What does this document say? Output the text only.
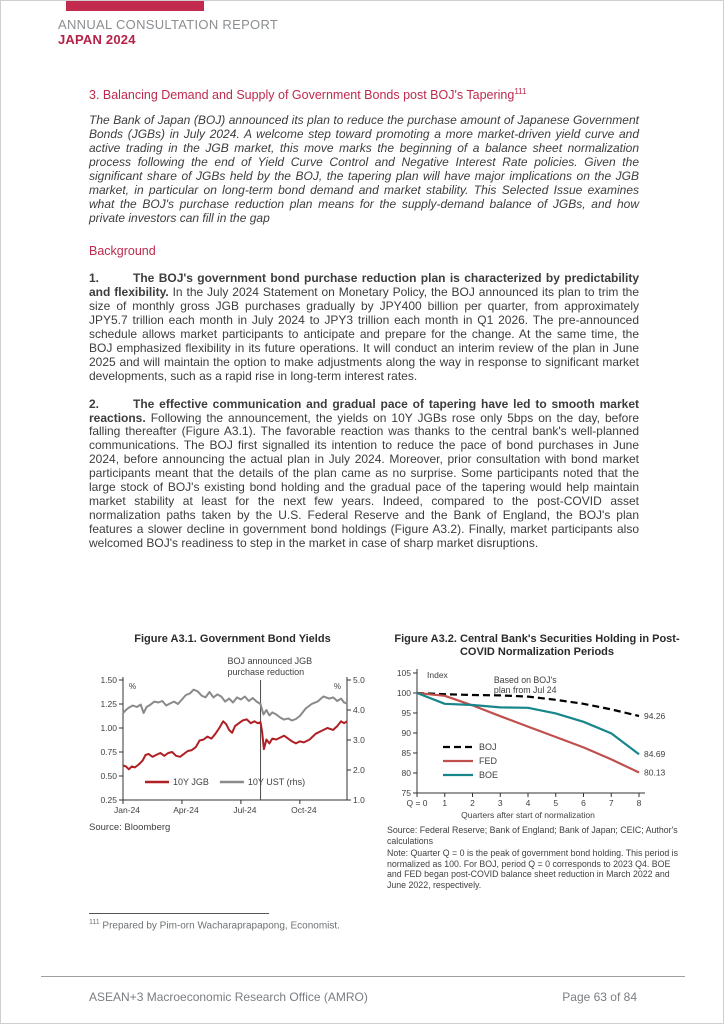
ANNUAL CONSULTATION REPORT
JAPAN 2024
3. Balancing Demand and Supply of Government Bonds post BOJ's Tapering$^{111}$

The Bank of Japan (BOJ) announced its plan to reduce the purchase amount of Japanese Government Bonds (JGBs) in July 2024. A welcome step toward promoting a more market-driven yield curve and active trading in the JGB market, this move marks the beginning of a balance sheet normalization process following the end of Yield Curve Control and Negative Interest Rate policies. Given the significant share of JGBs held by the BOJ, the tapering plan will have major implications on the JGB market, in particular on long-term bond demand and market stability. This Selected Issue examines what the BOJ's purchase reduction plan means for the supply-demand balance of JGBs, and how private investors can fill in the gap

Background

1.	The BOJ's government bond purchase reduction plan is characterized by predictability and flexibility. In the July 2024 Statement on Monetary Policy, the BOJ announced its plan to trim the size of monthly gross JGB purchases gradually by JPY400 billion per quarter, from approximately JPY5.7 trillion each month in July 2024 to JPY3 trillion each month in Q1 2026. The pre-announced schedule allows market participants to anticipate and prepare for the change. At the same time, the BOJ emphasized flexibility in its future operations. It will conduct an interim review of the plan in June 2025 and will maintain the option to make adjustments along the way in response to significant market developments, such as a rapid rise in long-term interest rates.

2.	The effective communication and gradual pace of tapering have led to smooth market reactions. Following the announcement, the yields on 10Y JGBs rose only 5bps on the day, before falling thereafter (Figure A3.1). The favorable reaction was thanks to the central bank's well-planned communications. The BOJ first signalled its intention to reduce the pace of bond purchases in June 2024, before announcing the actual plan in July 2024. Moreover, prior consultation with bond market participants meant that the details of the plan came as no surprise. Some participants noted that the large stock of BOJ's existing bond holding and the gradual pace of the tapering would help maintain market stability at least for the next few years. Indeed, compared to the post-COVID asset normalization paths taken by the U.S. Federal Reserve and the Bank of England, the BOJ's plan features a slower decline in government bond holdings (Figure A3.2). Finally, market participants also welcomed BOJ's readiness to step in the market in case of sharp market disruptions.

Figure A3.1. Government Bond Yields
1.50
1.25
1.00
0.75
0.50
0.25
5.0
4.0
3.0
2.0
1.0
Jan-24	Apr-24	Jul-24	Oct-24
%	%
BOJ announced JGB
purchase reduction
10Y JGB	10Y UST (rhs)
Source: Bloomberg
Figure A3.2. Central Bank's Securities Holding in Post-COVID Normalization Periods
105
100
95
90
85
80
75
Q = 0 1	2	3	4	5	6	7	8
Quarters after start of normalization
Index	Based on BOJ's
plan from Jul 24
94.26
80.13
84.69
BOJ
FED
BOE
Source: Federal Reserve; Bank of England; Bank of Japan; CEIC; Author's calculations
Note: Quarter Q = 0 is the peak of government bond holding. This period is normalized as 100. For BOJ, period Q = 0 corresponds to 2023 Q4. BOE and FED began post-COVID balance sheet reduction in March 2022 and June 2022, respectively.
$^{111}$ Prepared by Pim-orn Wacharaprapapong, Economist.
ASEAN+3 Macroeconomic Research Office (AMRO)	Page 63 of 84
